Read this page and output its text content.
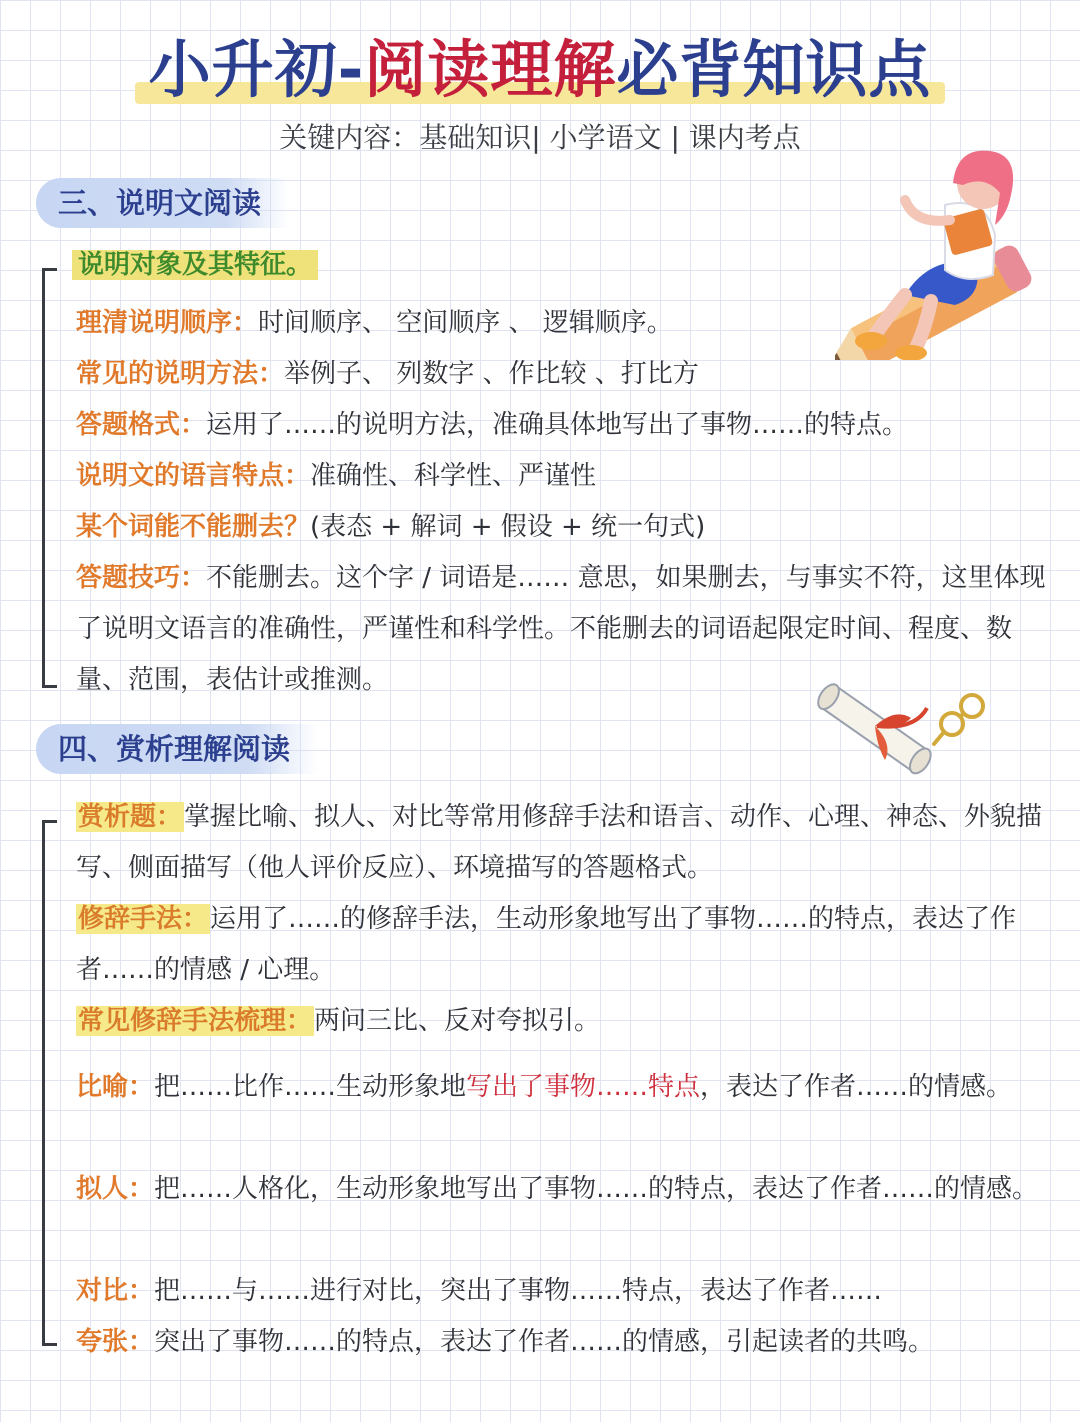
小升初-阅读理解必背知识点
关键内容：基础知识| 小学语文 | 课内考点
三、说明文阅读
说明对象及其特征。
理清说明顺序：时间顺序、 空间顺序 、 逻辑顺序。
常见的说明方法：举例子、 列数字 、作比较 、打比方
答题格式：运用了……的说明方法，准确具体地写出了事物……的特点。
说明文的语言特点：准确性、科学性、严谨性
某个词能不能删去？(表态 + 解词 + 假设 + 统一句式)
答题技巧：不能删去。这个字 / 词语是…… 意思，如果删去，与事实不符，这里体现了说明文语言的准确性，严谨性和科学性。不能删去的词语起限定时间、程度、数量、范围，表估计或推测。
四、赏析理解阅读
赏析题：掌握比喻、拟人、对比等常用修辞手法和语言、动作、心理、神态、外貌描写、侧面描写（他人评价反应）、环境描写的答题格式。
修辞手法：运用了……的修辞手法，生动形象地写出了事物……的特点，表达了作者……的情感 / 心理。
常见修辞手法梳理：两问三比、反对夸拟引。
比喻：把……比作……生动形象地写出了事物……特点，表达了作者……的情感。
拟人：把……人格化，生动形象地写出了事物……的特点，表达了作者……的情感。
对比：把……与……进行对比，突出了事物……特点，表达了作者……
夸张：突出了事物……的特点，表达了作者……的情感，引起读者的共鸣。
